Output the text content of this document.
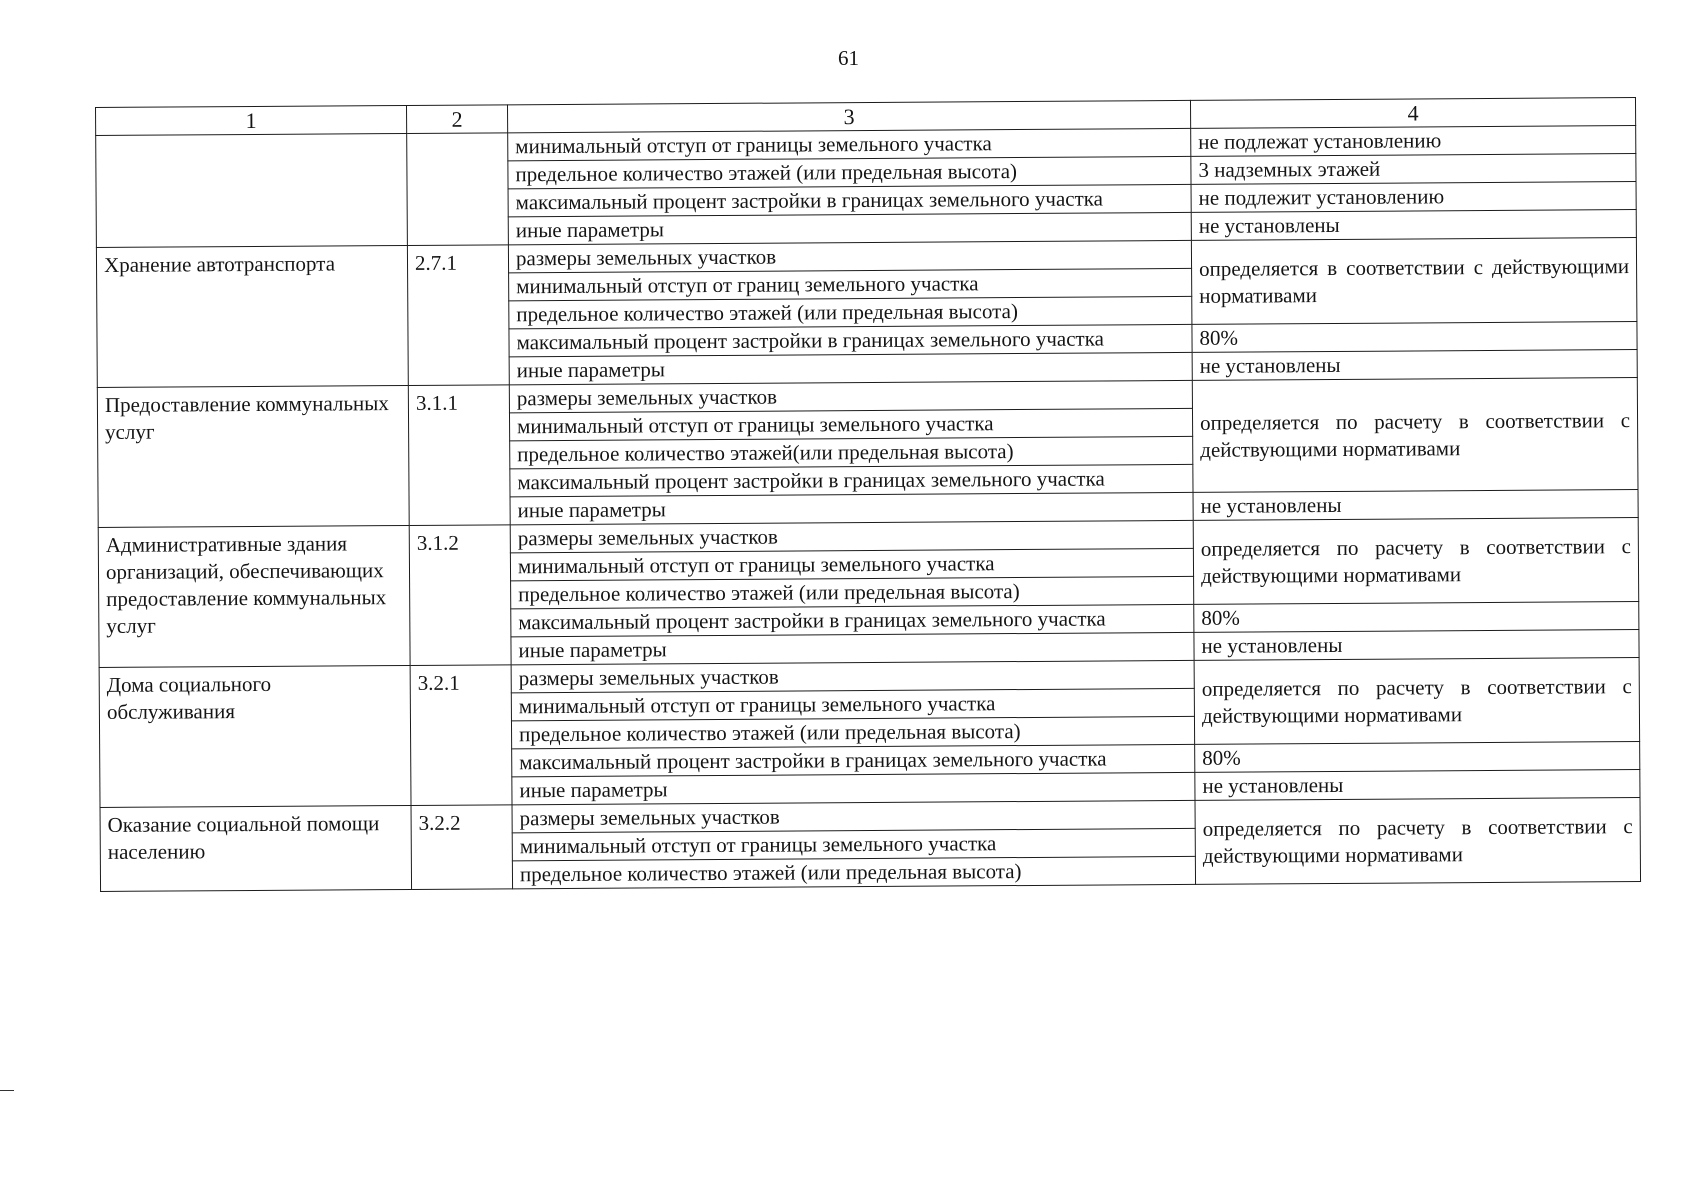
61
1	2	3	4
		минимальный отступ от границы земельного участка	не подлежат установлению
		предельное количество этажей (или предельная высота)	3 надземных этажей
		максимальный процент застройки в границах земельного участка	не подлежит установлению
		иные параметры	не установлены
Хранение автотранспорта	2.7.1	размеры земельных участков	определяется в соответствии с действующими нормативами
		минимальный отступ от границ земельного участка	
		предельное количество этажей (или предельная высота)	
		максимальный процент застройки в границах земельного участка	80%
		иные параметры	не установлены
Предоставление коммунальных услуг	3.1.1	размеры земельных участков	определяется по расчету в соответствии с действующими нормативами
		минимальный отступ от границы земельного участка	
		предельное количество этажей(или предельная высота)	
		максимальный процент застройки в границах земельного участка	
		иные параметры	не установлены
Административные здания организаций, обеспечивающих предоставление коммунальных услуг	3.1.2	размеры земельных участков	определяется по расчету в соответствии с действующими нормативами
		минимальный отступ от границы земельного участка	
		предельное количество этажей (или предельная высота)	
		максимальный процент застройки в границах земельного участка	80%
		иные параметры	не установлены
Дома социального обслуживания	3.2.1	размеры земельных участков	определяется по расчету в соответствии с действующими нормативами
		минимальный отступ от границы земельного участка	
		предельное количество этажей (или предельная высота)	
		максимальный процент застройки в границах земельного участка	80%
		иные параметры	не установлены
Оказание социальной помощи населению	3.2.2	размеры земельных участков	определяется по расчету в соответствии с действующими нормативами
		минимальный отступ от границы земельного участка	
		предельное количество этажей (или предельная высота)	
